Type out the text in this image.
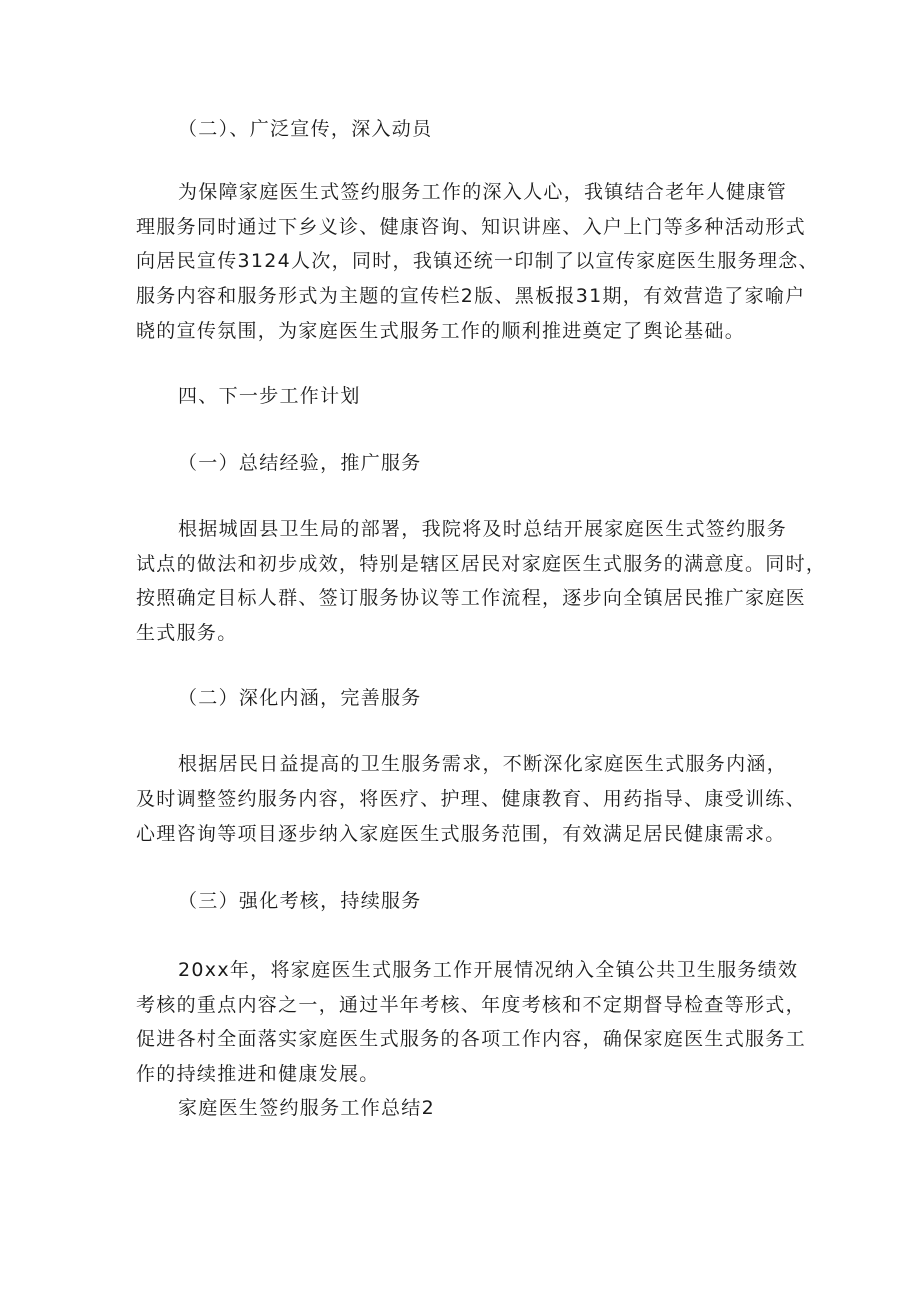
（二）、广泛宣传，深入动员
为保障家庭医生式签约服务工作的深入人心，我镇结合老年人健康管
理服务同时通过下乡义诊、健康咨询、知识讲座、入户上门等多种活动形式
向居民宣传3124人次，同时，我镇还统一印制了以宣传家庭医生服务理念、
服务内容和服务形式为主题的宣传栏2版、黑板报31期，有效营造了家喻户
晓的宣传氛围，为家庭医生式服务工作的顺利推进奠定了舆论基础。
四、下一步工作计划
（一）总结经验，推广服务
根据城固县卫生局的部署，我院将及时总结开展家庭医生式签约服务
试点的做法和初步成效，特别是辖区居民对家庭医生式服务的满意度。同时，
按照确定目标人群、签订服务协议等工作流程，逐步向全镇居民推广家庭医
生式服务。
（二）深化内涵，完善服务
根据居民日益提高的卫生服务需求，不断深化家庭医生式服务内涵，
及时调整签约服务内容，将医疗、护理、健康教育、用药指导、康受训练、
心理咨询等项目逐步纳入家庭医生式服务范围，有效满足居民健康需求。
（三）强化考核，持续服务
20xx年，将家庭医生式服务工作开展情况纳入全镇公共卫生服务绩效
考核的重点内容之一，通过半年考核、年度考核和不定期督导检查等形式，
促进各村全面落实家庭医生式服务的各项工作内容，确保家庭医生式服务工
作的持续推进和健康发展。
家庭医生签约服务工作总结2
